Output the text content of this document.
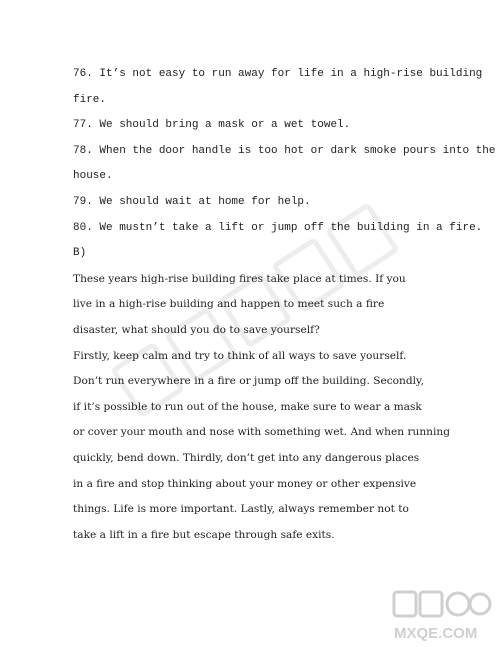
76. It’s not easy to run away for life in a high-rise building
fire.
77. We should bring a mask or a wet towel.
78. When the door handle is too hot or dark smoke pours into the
house.
79. We should wait at home for help.
80. We mustn’t take a lift or jump off the building in a fire.
B)
These years high-rise building fires take place at times. If you
live in a high-rise building and happen to meet such a fire
disaster, what should you do to save yourself?
Firstly, keep calm and try to think of all ways to save yourself.
Don’t run everywhere in a fire or jump off the building. Secondly,
if it’s possible to run out of the house, make sure to wear a mask
or cover your mouth and nose with something wet. And when running
quickly, bend down. Thirdly, don’t get into any dangerous places
in a fire and stop thinking about your money or other expensive
things. Life is more important. Lastly, always remember not to
take a lift in a fire but escape through safe exits.
MXQE.COM
